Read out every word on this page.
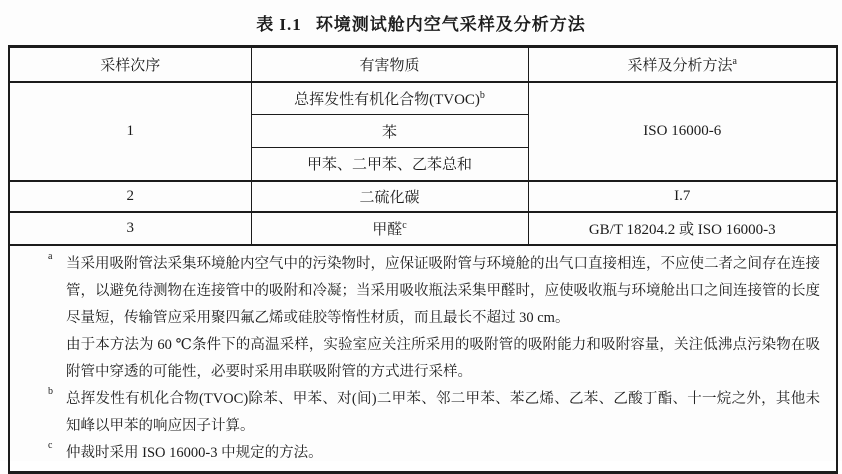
表 I.1 环境测试舱内空气采样及分析方法
采样次序	有害物质	采样及分析方法$^a$
1	总挥发性有机化合物(TVOC)$^b$	ISO 16000-6
	苯	
	甲苯、二甲苯、乙苯总和	
2	二硫化碳	I.7
3	甲醛$^c$	GB/T 18204.2 或 ISO 16000-3

a 当采用吸附管法采集环境舱内空气中的污染物时，应保证吸附管与环境舱的出气口直接相连，不应使二者之间存在连接管，以避免待测物在连接管中的吸附和冷凝；当采用吸收瓶法采集甲醛时，应使吸收瓶与环境舱出口之间连接管的长度尽量短，传输管应采用聚四氟乙烯或硅胶等惰性材质，而且最长不超过 30 cm。

由于本方法为 60 ℃条件下的高温采样，实验室应关注所采用的吸附管的吸附能力和吸附容量，关注低沸点污染物在吸附管中穿透的可能性，必要时采用串联吸附管的方式进行采样。

b 总挥发性有机化合物(TVOC)除苯、甲苯、对(间)二甲苯、邻二甲苯、苯乙烯、乙苯、乙酸丁酯、十一烷之外，其他未知峰以甲苯的响应因子计算。

c 仲裁时采用 ISO 16000-3 中规定的方法。
